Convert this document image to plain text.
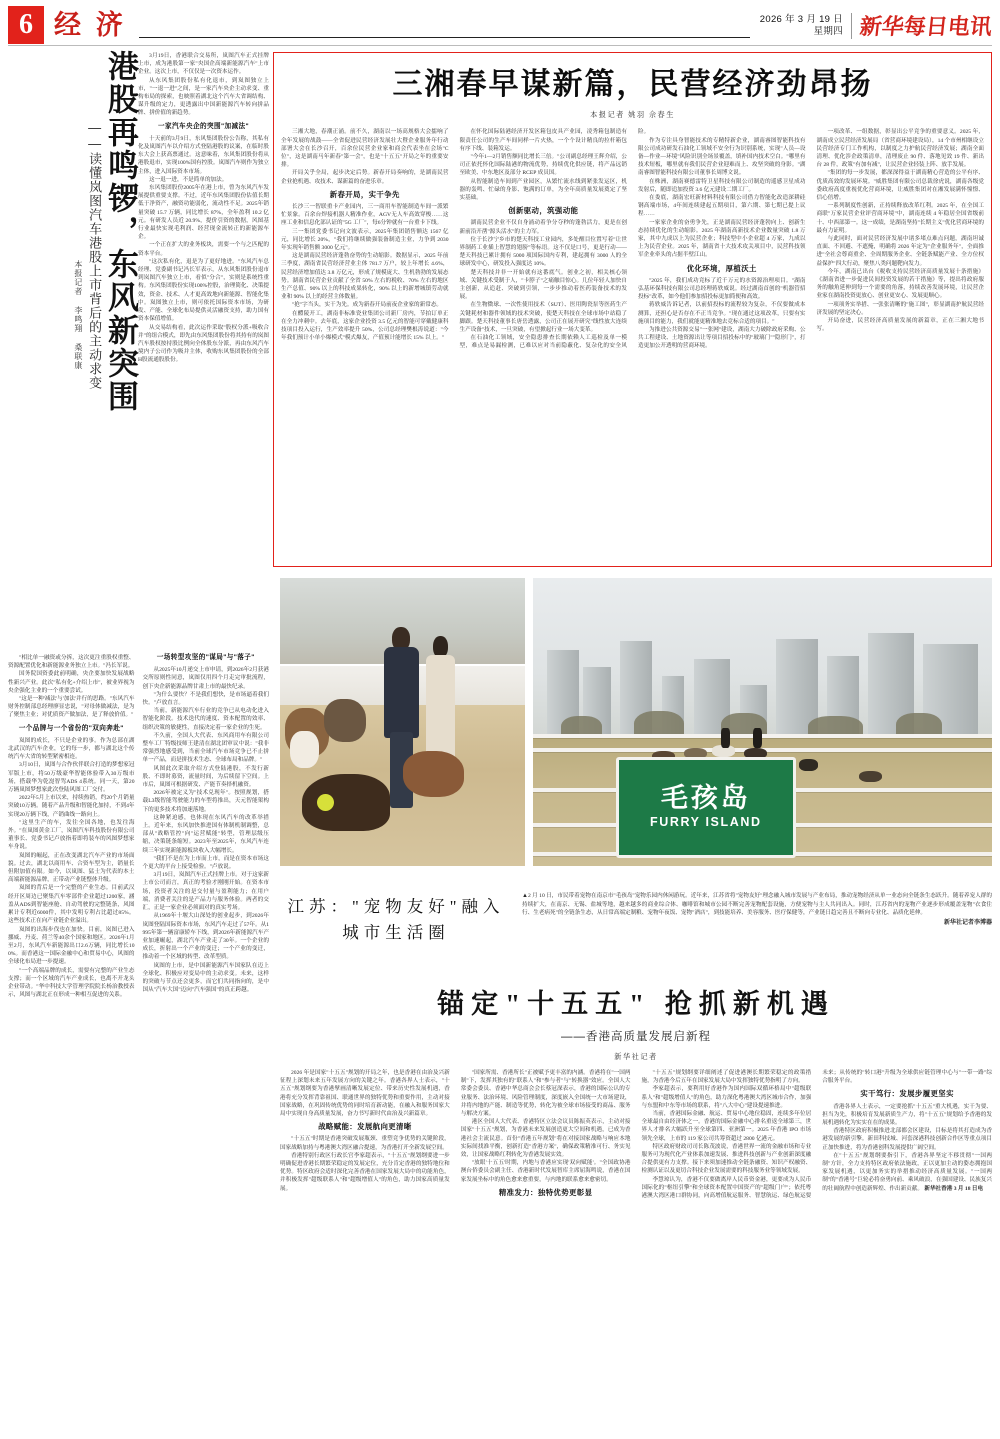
6 经 济	2026 年 3 月 19 日
星期四 新华每日电讯
港股再鸣锣，东风新突围
——读懂岚图汽车港股上市背后的主动求变
本报记者 李鸣翔 桑联康

3月19日，香港联合交易所，岚图汽车正式挂牌上市，成为港股第一家"央国企高端新能源汽车"上市企业。这次上市，不仅仅是一次资本运作。

从东风集团股份私有化退市，到岚图独立上市，"一退一进"之间，是一家汽车央企主动求变、重构布局的探索，也映照着湖北这个汽车大省调结构、谋升级的定力，更透露出中国新能源汽车转向拼品牌、拼价值的新趋势。

一家汽车央企的突围"加减法"

十天前的3月9日，东风集团股份公告称，其私有化及岚图汽车以介绍方式登陆港股的议案，在临时股东大会上获高票通过。这意味着，东风集团股份将从港股退市，实现100%国有控股。岚图汽车则作为独立主体，进入国际资本市场。

这一退一进，不是简单的加法。

东风集团股份2005年在港上市，曾为东风汽车发展提供重要支撑。不过，近年东风集团股份估值长期低于净资产，融资功能弱化，流动性不足。2025年销量突破 15.7 万辆，同比增长 87%，全年盈利 10.2 亿元。有研发人员近 20.9%，提价引资的数据，风图基行业最快实现毛利润、经营现金流转正的新能源车企。

一个正在扩大的业务板块，需要一个与之匹配的资本平台。

"这次私有化，退是为了更好地进。"东风汽车总经理、党委副书记冯长军表示，从东风集团股份退市到岚图汽车独立上市，看似"分合"，实则是系统性重构。东风集团股份实现100%控股，治理简化、决策提效，资金、技术、人才更高效地向新能源、智能化集中。岚图独立上市，则可依托国际资本市场，为研发、产能、全球化布局提供灵活融资支持，助力国有资本保值增值。

从交易结构看，此次运作采取"股权分派+吸收合并"的组合模式，即先由东风集团股份将其持有的岚图汽车股权按持股比例向全体股东分派，再由东风汽车境内子公司作为吸并主体，收购东风集团股份的全部H股流通股股份。

"相比单一融资或分拆，这次更注重股权重整、资源配置优化和新能源业务独立上市。"冯长军说。

国务院国资委此前明确，央企要加快发展战略性新兴产业。此次"私有化+介绍上市"，被业界视为央企强化主业的一个重要尝试。

"这是一种'减法'与'加法'并行的思路。"东风汽车财务控制部总经理廖显忠说，"对母体做减法，是为了聚焦主业；对优质资产做加法，是了释放价值。"

一个品牌与一个省份的"双向奔赴"

岚图的成长，不只是企业的事。作为总部在湖北武汉的汽车企业，它的每一步，都与湖北这个传统汽车大省的转型紧密相连。

3月10日，岚图与合作伙伴联合打造的梦想家冠军版上市，将50万级豪华智能体验带入30万级市场，搭载华为乾崑智驾ADS 4系统。同一天，第20万辆岚图梦想家此次登陆风图工厂交付。

2022年5月上市以来，持续热销，约20个月销量突破10万辆。随着产品升级和智能化加持，不到4年实现20万辆下线，产销曲线一路向上。

"这里生产的车，发往全国各地，也发往海外。"在岚图黄金工厂，岚图汽车科技股份有限公司董事长、党委书记卢放指着即将装车的风图梦想家车身说。

岚图的崛起，正在改变湖北汽车产业的市场面貌。过去，湖北以商用车、合资车型为主，销量长但附加值有限。如今，以岚图、猛士为代表的本土高端新能源品牌，正带动产业链整体升级。

岚图的背后是一个完整的产业生态。目前武汉经开区周边已聚集汽车零部件企业超过1200家，涵盖从ADS到智能座舱、自动驾驶的完整链条，风图累计专利近6000件，其中发明专利占比超过85%。这些技术正在向产业链企业溢出。

岚图的出海步伐也在加快。目前，岚图已进入挪威、丹麦、荷兰等40余个国家和地区。2026年1月至2月，东风汽车新能源出口2.6万辆，同比增长100%。而香港这一国际金融中心和贸易中心，风图的全球化布局进一步提速。

"一个高端品牌的成长，需要有完整的产业生态支撑；而一个区域的汽车产业成长，也离不开龙头企业带动。"华中科技大学管理学院院长杨治教授表示，风图与湖北正在形成一种相互促进的关系。

一场转型攻坚的"谋局"与"落子"

从2025年10月递交上市申请，到2026年2月获港交所原则性同意，岚图仅用四个月走完审批流程，创下央企新能源品牌甘肃上市的最快纪录。

"为什么要快？不是我们想快，是市场逼着我们快。"卢放直言。

当前，新能源汽车行业的竞争已从电动化进入智能化阶段。技术迭代的速度、资本配置的效率、组织决策的敏捷性，直接决定着一家企业的生死。

不久前，全国人大代表、东风商用车有限公司整车工厂特级技师王建清在湖北团审议中说："我非常强烈地感受到，当前全球汽车市场竞争已不止拼单一产品，而是拼技术生态、全球布局和品牌。"

风图此次采取介绍方式登陆港股，不发行新股、不即时募资，流量时间，为后续留下空间。上市后，岚图可根据研发、产能节奏择机融资。

2026年被定义为"技术兑现年"。按照规划，搭载L3级智能驾驶能力的车型将推出，天元智能架构下的更多技术将加速落地。

这种紧迫感，也体现在东风汽车的改革举措上。近年来，东风加快推进国有体制机制调整，总部从"战略管控"向"运营赋能"转型，管理层级压缩，决策链条缩短。2023年至2025年，东风汽车连续三年实现新能源板块收入大幅增长。

"我们不是在为上市而上市，而是在资本市场这个更大的平台上接受检验。"卢放说。

3月19日，岚图汽车正式挂牌上市。对于这家新上市公司而言，真正的考验才刚刚开始。在资本市场，投资者关注的是交付量与盈利能力；在用户端，消费者关注的是产品力与服务体验。两者的交汇，正是一家企业必须面对的真实考场。

从1969年十堰大山深处的创业起步，到2026年岚图登陆国际资本市场，东风汽车走过了57年。从1995年第一辆富康轿车下线，到2026年新能源汽车产业加速崛起，湖北汽车产业走了30年。一个企业的成长，折射出一个产业的变迁；一个产业的变迁，推动着一个区域的转型、改革型质。

岚图的上市，是中国新能源汽车国家队在迈上全球化、积极应对变局中的主动求变。未来，这样的突破与节点还会更多，而它们共同指向的，是中国从"汽车大国"迈向"汽车强国"的真正跨越。

三湘春早谋新篇，民营经济劲昂扬
本报记者 姚羽 佘春生

三湘大地，春潮正涌。前不久，湖南以一场高规格大会擂响了全年发展的战鼓——全省促进民营经济发展壮大暨企业服务年行动部署大会在长沙召开，百余位民营企业家和商会代表坐在会场"C位"，这是湖南马年新春"第一会"，也是"十五五"开局之年的重要安排。

开局关乎全局，起步决定后势。新春开局奏响的，是湖南民营企业抢机遇、攻技术、谋新篇的奋进乐章。

新春开局，实干争先

长沙三一智联重卡产业园内，三一商用车智能制造车间一派繁忙景象。百余台焊接机器人精准作业，AGV无人车高效穿梭……这座工业和信息化部认证的"5G 工厂"，每6分钟就有一台重卡下线。

三一集团党委书记向文波表示，2025年集团销售额达 1567 亿元，同比增长 20%，"我们将继续做强装备制造主业，力争到 2030 年实现年销售额 3000 亿元"。

这是湖南民营经济蓬勃奋势的生动缩影。数据显示，2025 年前三季度，湖南省民营经济营业主体 781.7 万户，较上年增长 4.6%，民营经济增加值达 3.8 万亿元，形成了规模庞大、生机勃勃的发展态势。湖南省民营企业贡献了全省 50% 左右的税收、70% 左右的地区生产总值、90% 以上的科技成果转化，90% 以上的新增城镇劳动就业和 90% 以上的经营主体数量。

"抢"字当头，实干为先。成为新春开局前夜企业家的新常态。

在醴陵开工，湖南非标准瓷业集团公司新厂房内，节拍订单正在全力冲刺中。去年底，这家企业投资 3.5 亿元的智能可穿戴健康科技项目投入运行，生产效率提升 50%，公司总经理樊根涛说道："今年我们预计小单小爆模式"模式爆友，产值预计能增长 15% 以上。"

在怀化国际陆港经济开发区箱包皮具产业园，凌秀箱包制造有限责任公司的生产车间同样一片火热，一个个设计精良的拉杆箱包有序下线、装箱发运。

"今年1—2月销售额同比增长三倍。"公司副总经理王辉介绍，公司正依托怀化国际陆港的物流优势，持续优化供应链，将产品远销至欧美、中东地区及部分 RCEP 成员国。

从智能制造车间到产业园区，从繁忙流水线到紧张发运区，机器的轰鸣、忙碌的身影、饱满的订单，为全年高质量发展奠定了坚实基础。

创新驱动，筑强动能

湖南民营企业不仅自身涌动着争分夺秒的蓬勃活力，更是在创新前沿开凿"源头活水"的主力军。

位于长沙宁乡市的楚天科技工业园内，多处醒目位置写着"让世界制药工业插上智慧的翅膀"等标语。这不仅是口号，更是行动——楚天科技已累计拥有 5000 项国际国内专利，建起拥有 3000 人的全球研发中心，研发投入强度达 10%。

楚天科技并非一开始就有这番底气。创业之初，相关核心领域、关键技术受制于人，"卡脖子"之痛触目惊心。几位年轻人加快自主创新，从追赶、突破到引领，一步步推动着医药装备技术的发展。

在生物微球、一次性使用技术（SUT）、医用陶瓷泵等医药生产关键耗材和器件领域的技术突破，使楚天科技在全球市场中站稳了脚跟。楚天科技董事长唐岳透露，公司正在展开研究"线性放大连续生产设备"技术，一旦突破，有望掀起行业一场大变革。

在石油化工领域，安全隐患排查长期依赖人工巡检及单一模型，难点是易漏检测，已难以应对当前隐蔽化、复杂化的安全风险。

作为专注具身智能技术的专精特新企业，湖南睿图智能科技有限公司成功研发石油化工领域不安全行为识别系统，实现"人员—设备—作业—环境"风险识别全场景覆盖，填补国内技术空白。"哪里有技术短板，哪里就有我们民营企业迎难而上、攻坚突破的身影。"湖南睿图智能科技有限公司董事长周博文说。

在株洲，湖南赛德雷特卫星科技有限公司制造的遥感卫星成功发射后，随即追加投资 3.6 亿元建设二期工厂。

在娄底，湖南宏旺新材料科技有限公司借力智能化改造深耕硅钢高端市场，4年间连续建起五期项目，第六期、第七期已提上议程……

一家家企业的奋勇争先，正是湖南民营经济蓬勃向上、创新生态持续优化的生动缩影。2025 年湖南高新技术企业数量突破 1.8 万家，其中九成以上为民营企业；科技型中小企业超 4 万家，九成以上为民营企业。2025 年，湖南省十大技术攻关项目中，民营科技领军企业牵头的占据半壁江山。

优化环境，厚植沃土

"2025 年，我们成功竞标了近千万元的水资源治理项目。"湖南弘基环保科技有限公司总经理蒋轶威说。经过湖南首创的"机器管招投标"改革，如今他们参加招投标更加简便和高效。

蒋轶威告诉记者，以前招投标的流程较为复杂，不仅要做成本测算，还担心是否存在不正当竞争。"现在通过这项改革，只要有实施项目的能力，我们就能更精准地去竞标合适的项目。"

为推进公共资源交易"一张网"建设，湖南大力破除政府采购、公共工程建设、土地资源出让等项目招投标中的"玻璃门""隐形门"，打造更加公开透明的营商环境。

一项改革、一组数据，彰显出公平竞争的重要意义。2025 年，湖南成立民营经济发展局（省营商环境建设局），14 个市州相继设立民营经济专门工作机构，以制度之力护航民营经济发展；湖南全面清理、优化涉企政策清单，清理废止 90 件、落地见效 19 件、新出台 28 件，政策"有加有减"，让民营企业轻装上阵、放手发展。

"集团的每一步发展，都深深得益于湖南精心营造的公平有序、优质高效的发展环境。"威胜集团有限公司总裁徐虎说，湖南各级党委政府高度重视优化营商环境，让威胜集团对在湘发展满怀憧憬、信心倍增。

一系列制度性创新，正持续释放改革红利。2025 年，在全国工商联"万家民营企业评营商环境"中，湖南连续 4 年稳居全国省级前十、中西部第一。这一成绩，是湖南坚持"长期主义"优化营商环境的最有力证明。

与此同时，面对民营经济发展中诸多堵点难点问题，湖南坦诚直面、不回避、不遮掩，明确将 2026 年定为"企业服务年"，全面推进"全社会尊商重企、全周期服务企业、全链条赋能产业、全方位权益保护"四大行动，聚焦八类问题靶向发力。

今年，湖南已出台《税收支持民营经济高质量发展十条措施》《湖南省进一步促进民间投资发展的若干措施》等，提出将政府服务的触角延伸到每一个需要的角落，持续改善发展环境，让民营企业家在湖南投资更放心、创业更安心、发展更顺心。

一项项务实举措、一张张清晰的"施工图"，彰显湖南护航民营经济发展的坚定决心。

开局奋进，民营经济高质量发展的新篇章，正在三湘大地书写。

毛孩岛
FURRY ISLAND
江苏："宠物友好"融入城市生活圈
▲2 月 10 日，市民带着宠物在南京市"毛孩岛"宠物乐园内休闲游玩。近年来，江苏省将"宠物友好"理念融入城市发展与产业布局，推动宠物经济从单一业态向全链条生态跃升。随着养宠人群的持续扩大，在南京、无锡、盐城等地，越来越多的商业综合体、咖啡馆和城市公园不断完善宠物配套设施，方便宠物与主人共同出入。同时，江苏省内的宠物产业逐步形成覆盖宠物"衣食住行、生老病死"的全链条生态，从日常高端定制粮、宠物年夜饭、宠物"酒店"，到技能培养、美容服务、医疗保健等，产业链日趋完善且不断向专业化、品质化延伸。
新华社记者李博器
锚定"十五五" 抢抓新机遇
——香港高质量发展启新程
新华社记者

2026 年是国家"十五五"规划的开局之年，也是香港在由治及兴新征程上深划未来五年发展方向的关键之年。香港各界人士表示，"十五五"规划纲要为香港擘画清晰发展定位、带来历史性发展机遇，香港将充分发挥背靠祖国、联通世界的独特优势和重要作用，主动对接国家战略，在巩固传统优势的同时培育新动能，在融入和服务国家大局中实现自身高质量发展，奋力书写新时代由治及兴新篇章。

战略赋能：发展航向更清晰

"十五五"时期是香港突破发展瓶颈、重塑竞争优势的关键阶段，国家战略加持与粤港澳大湾区融合提速，为香港打开全新发展空间。

香港特别行政区行政长官李家超表示，"十五五"规划纲要进一步明确促进香港长期繁荣稳定的发展定位，充分肯定香港的独特地位和优势。特区政府会适时深化完善香港在国家发展大局中的功能角色，并积极发挥"超级联系人"和"超级增值人"的角色，助力国家高质量发展。

"国家所需、香港所长"正被赋予更丰富的内涵。香港将在"一国两制"下，发挥其独有的"联系人"和"参与者"与"转换器"效应。全国人大常委会委员、香港中华总商会会长蔡冠深表示，香港的国际公认的专业服务、法治环境、风险管理制度，深度嵌入全国统一大市场建设，并将内地的产能、制造等优势，转化为被全球市场接受的商品、服务与解决方案。

港区全国人大代表、香港特区立法会议员陈振英表示，主动对接国家"十五五"规划，为香港未来发展创造更大空间和机遇，已成为香港社会主流民意。首份"香港五年规划"将在对接国家战略与响应本地实际间找准平衡，创新打造"香港方案"，确保政策精准可行、务实见效，让国家战略红利转化为香港发展实效。

"放眼'十五五'时期，内地与香港应实现'双向赋能'。"全国政协港澳台侨委员会副主任、香港新时代发展智库主席屈海鸣说，香港在国家发展坐标中的角色愈来愈重要，与内地的联系愈来愈密切。

精准发力：独特优势更彰显

"十五五"规划纲要详细阐述了促进港澳长期繁荣稳定的政策措施，为香港今后五年在国家发展大局中发挥独特优势指明了方向。

李家超表示，要利用好香港作为国内国际双循环格局中"超级联系人"和"超级增值人"的角色，助力深化粤港澳大湾区城市合作，加强与东盟和中东等市场的联系，将"八大中心"建设提速推进。

当前，香港国际金融、航运、贸易中心地位稳固，连续多年位居全球最自由经济体之一。香港的国际金融中心排名重返全球第三，世界人才排名大幅跃升至全球第四、亚洲第一。2025 年香港 IPO 市场领先全球，上市的 119 家公司共筹资超过 2800 亿港元。

特区政府财政司司长陈茂波说，香港世界一流的金融市场和专业服务可为现代化产业体系加速发展、推进科技创新与产业创新深度融合提供更有力支撑。接下来须加速推动全链条融资、知识产权融资、检测认证以及更切合科技企业发展需要的科技服务业等领域发展。

李慧琼认为，香港不仅要做离岸人民币资金港，更要成为人民币国际化的"枢纽引擎"和全球资本配置中国资产的"超级门户"；依托粤港澳大湾区港口群协同，向高增值航运服务、智慧航运、绿色航运要未来；从传统的"转口港"升级为全球供应链管理中心与"一带一路"综合服务平台。

实干笃行：发展步履更坚实

香港各界人士表示，一定要抢抓"十五五"重大机遇，实干为要、担当为先，积极培育发展新质生产力，将"十五五"规划给予香港的发展机遇转化为实实在在的成果。

香港特区政府积极推进北部都会区建设，目标是将其打造成为香港发展的新引擎。新田科技城、河套深港科技创新合作区等重点项目正加快推进，将为香港创科发展提供广阔空间。

在"十五五"规划纲要指引下，香港各界坚定不移贯彻"一国两制"方针，全力支持特区政府依法施政，正以更加主动的姿态拥抱国家发展机遇，以更加务实的举措推动经济高质量发展。"一国两制"的"香港号"巨轮必将奋勇向前、乘风破浪，在强国建设、民族复兴的壮阔航程中创造新辉煌、作出新贡献。 新华社香港 3 月 18 日电
